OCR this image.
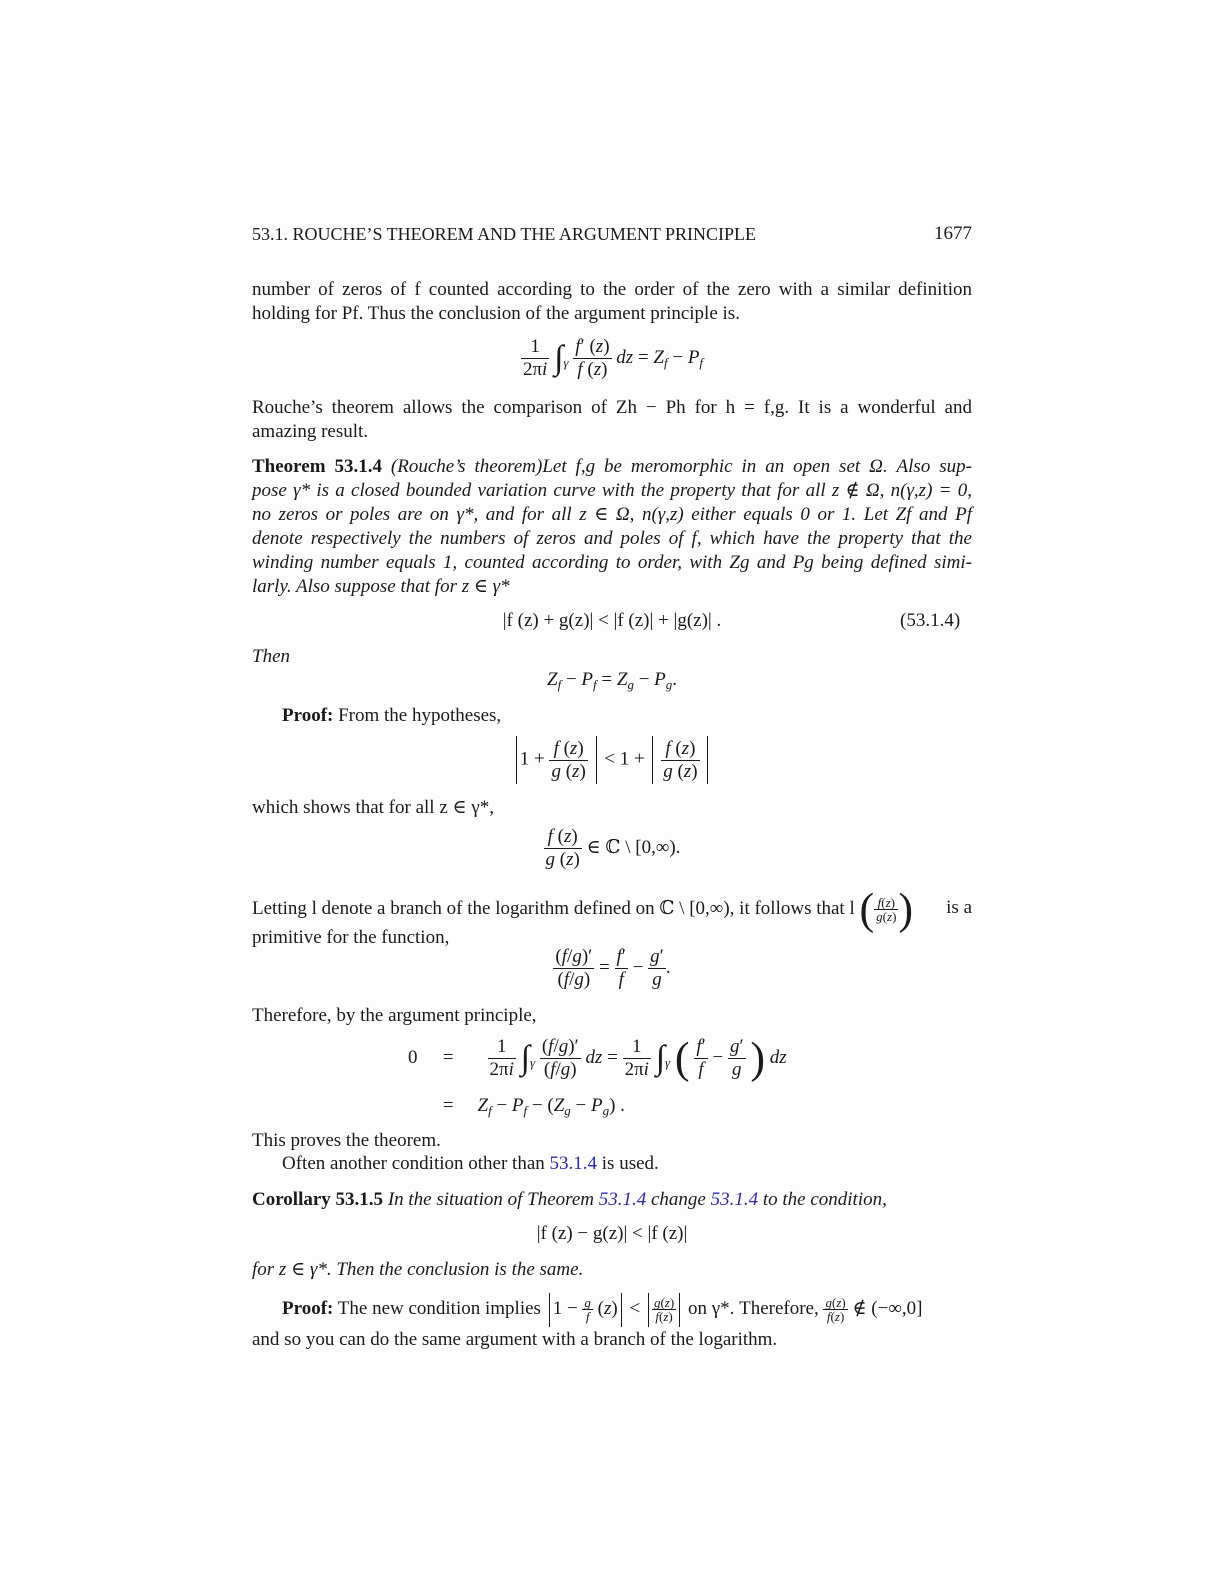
53.1. ROUCHE’S THEOREM AND THE ARGUMENT PRINCIPLE	1677
number of zeros of f counted according to the order of the zero with a similar definition
holding for Pf. Thus the conclusion of the argument principle is.
$\frac{1}{2\pi i} \int_\gamma \frac{f' (z)}{f (z)}$ dz = $Z_f - P_f$
Rouche’s theorem allows the comparison of Zh − Ph for h = f,g. It is a wonderful and
amazing result.
Theorem 53.1.4 (Rouche’s theorem)Let f,g be meromorphic in an open set Ω. Also sup-
pose γ* is a closed bounded variation curve with the property that for all z ∉ Ω, n(γ,z) = 0,
no zeros or poles are on γ*, and for all z ∈ Ω, n(γ,z) either equals 0 or 1. Let Zf and Pf
denote respectively the numbers of zeros and poles of f, which have the property that the
winding number equals 1, counted according to order, with Zg and Pg being defined simi-
larly. Also suppose that for z ∈ γ*
|f (z) + g(z)| < |f (z)| + |g(z)| .	(53.1.4)
Then
$Z_f - P_f = Z_g - P_g$.
Proof: From the hypotheses,
$1 + \frac{f (z)}{g (z)} < 1 + \frac{f (z)}{g (z)}$

which shows that for all z ∈ γ*,
$\frac{f (z)}{g (z)}$ ∈ ℂ \ [0,∞).
Letting l denote a branch of the logarithm defined on ℂ \ [0,∞), it follows that l ( $\frac{f(z)}{g(z)}$ ) is a
primitive for the function,
$\frac{(f/g)'}{(f/g)} = \frac{f'}{f} - \frac{g'}{g}$ .
Therefore, by the argument principle,
$0 = \frac{1}{2\pi i} \int_\gamma \frac{(f/g)'}{(f/g)}$ dz = $\frac{1}{2\pi i} \int_\gamma$ ( $\frac{f'}{f} - \frac{g'}{g}$ ) dz
= $Z_f - P_f - (Z_g - P_g)$ .
This proves the theorem.
Often another condition other than 53.1.4 is used.
Corollary 53.1.5 In the situation of Theorem 53.1.4 change 53.1.4 to the condition,
|f (z) − g(z)| < |f (z)|
for z ∈ γ*. Then the conclusion is the same.
Proof: The new condition implies $1 - \frac{g}{f} (z) < \frac{g(z)}{f(z)}$ on γ*. Therefore, $\frac{g(z)}{f(z)}$ ∉ (−∞,0]
and so you can do the same argument with a branch of the logarithm.
